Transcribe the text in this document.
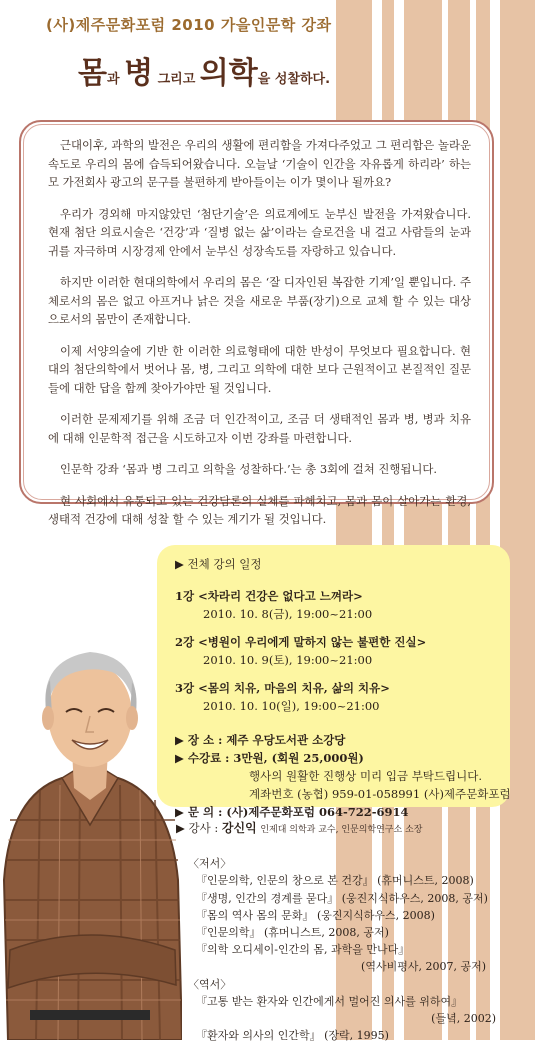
(사)제주문화포럼 2010 가을인문학 강좌
몸과 병 그리고 의학을 성찰하다.

근대이후, 과학의 발전은 우리의 생활에 편리함을 가져다주었고 그 편리함은 놀라운 속도로 우리의 몸에 습득되어왔습니다. 오늘날 ‘기술이 인간을 자유롭게 하리라’ 하는 모 가전회사 광고의 문구를 불편하게 받아들이는 이가 몇이나 될까요?

우리가 경외해 마지않았던 ‘첨단기술’은 의료계에도 눈부신 발전을 가져왔습니다. 현재 첨단 의료시술은 ‘건강’과 ‘질병 없는 삶’이라는 슬로건을 내 걸고 사람들의 눈과 귀를 자극하며 시장경제 안에서 눈부신 성장속도를 자랑하고 있습니다.

하지만 이러한 현대의학에서 우리의 몸은 ‘잘 디자인된 복잡한 기계’일 뿐입니다. 주체로서의 몸은 없고 아프거나 낡은 것을 새로운 부품(장기)으로 교체 할 수 있는 대상으로서의 몸만이 존재합니다.

이제 서양의술에 기반 한 이러한 의료형태에 대한 반성이 무엇보다 필요합니다. 현대의 첨단의학에서 벗어나 몸, 병, 그리고 의학에 대한 보다 근원적이고 본질적인 질문들에 대한 답을 함께 찾아가야만 될 것입니다.

이러한 문제제기를 위해 조금 더 인간적이고, 조금 더 생태적인 몸과 병, 병과 치유에 대해 인문학적 접근을 시도하고자 이번 강좌를 마련합니다.

인문학 강좌 ‘몸과 병 그리고 의학을 성찰하다.’는 총 3회에 걸쳐 진행됩니다.

현 사회에서 유통되고 있는 건강담론의 실체를 파헤치고, 몸과 몸이 살아가는 환경, 생태적 건강에 대해 성찰 할 수 있는 계기가 될 것입니다.

▶ 전체 강의 일정
1강 <차라리 건강은 없다고 느껴라>
2010. 10. 8(금), 19:00~21:00
2강 <병원이 우리에게 말하지 않는 불편한 진실>
2010. 10. 9(토), 19:00~21:00
3강 <몸의 치유, 마음의 치유, 삶의 치유>
2010. 10. 10(일), 19:00~21:00
▶ 장 소 : 제주 우당도서관 소강당
▶ 수강료 : 3만원, (회원 25,000원)
행사의 원활한 진행상 미리 입금 부탁드립니다.
계좌번호 (농협) 959-01-058991 (사)제주문화포럼
▶ 문 의 : (사)제주문화포럼 064-722-6914
▶ 강사 : 강신익 인제대 의학과 교수, 인문의학연구소 소장
〈저서〉
『인문의학, 인문의 창으로 본 건강』 (휴머니스트, 2008)
『생명, 인간의 경계를 묻다』 (웅진지식하우스, 2008, 공저)
『몸의 역사 몸의 문화』 (웅진지식하우스, 2008)
『인문의학』 (휴머니스트, 2008, 공저)
『의학 오디세이-인간의 몸, 과학을 만나다』
(역사비평사, 2007, 공저)
〈역서〉
『고통 받는 환자와 인간에게서 멀어진 의사를 위하여』
(들녘, 2002)
『환자와 의사의 인간학』 (장락, 1995)
